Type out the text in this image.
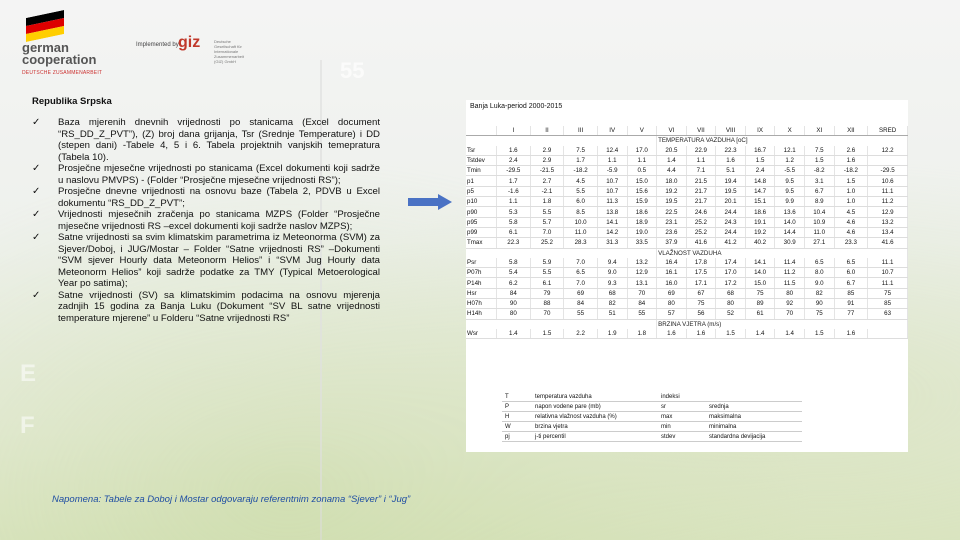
55
E
F
german
cooperation
DEUTSCHE ZUSAMMENARBEIT
Implemented by giz	Deutsche Gesellschaft für Internationale Zusammenarbeit (GIZ) GmbH
Republika Srpska
✓ Baza mjerenih dnevnih vrijednosti po stanicama (Excel document “RS_DD_Z_PVT”), (Z) broj dana grijanja, Tsr (Srednje Temperature) i DD (stepen dani) -Tabele 4, 5 i 6. Tabela projektnih vanjskih temepratura (Tabela 10).
✓ Prosječne mjesečne vrijednosti po stanicama (Excel dokumenti koji sadrže u naslovu PMVPS) - (Folder “Prosječne mjesečne vrijednosti RS”);
✓ Prosječne dnevne vrijednosti na osnovu baze (Tabela 2, PDVB u Excel dokumentu “RS_DD_Z_PVT”;
✓ Vrijednosti mjesečnih zračenja po stanicama MZPS (Folder “Prosječne mjesečne vrijednosti RS –excel dokumenti koji sadrže naslov MZPS);
✓ Satne vrijednosti sa svim klimatskim parametrima iz Meteonorma (SVM) za Sjever/Doboj, i JUG/Mostar – Folder “Satne vrijednosti RS” –Dokumenti “SVM sjever Hourly data Meteonorm Helios” i “SVM Jug Hourly data Meteonorm Helios” koji sadrže podatke za TMY (Typical Metoerological Year po satima);
✓ Satne vrijednosti (SV) sa klimatskimim podacima na osnovu mjerenja zadnjih 15 godina za Banja Luku (Dokument “SV BL satne vrijednosti temperature mjerene” u Folderu “Satne vrijednosti RS”
Banja Luka-period 2000-2015
	I	II	III	IV	V	VI	VII	VIII	IX	X	XI	XII	SRED
						TEMPERATURA VAZDUHA [oC]							
Tsr	1.6	2.9	7.5	12.4	17.0	20.5	22.9	22.3	16.7	12.1	7.5	2.6	12.2
Tstdev	2.4	2.9	1.7	1.1	1.1	1.4	1.1	1.6	1.5	1.2	1.5	1.6	
Tmin	-29.5	-21.5	-18.2	-5.9	0.5	4.4	7.1	5.1	2.4	-5.5	-8.2	-18.2	-29.5
p1	1.7	2.7	4.5	10.7	15.0	18.0	21.5	19.4	14.8	9.5	3.1	1.5	10.6
p5	-1.6	-2.1	5.5	10.7	15.6	19.2	21.7	19.5	14.7	9.5	6.7	1.0	11.1
p10	1.1	1.8	6.0	11.3	15.9	19.5	21.7	20.1	15.1	9.9	8.9	1.0	11.2
p90	5.3	5.5	8.5	13.8	18.6	22.5	24.6	24.4	18.6	13.6	10.4	4.5	12.9
p95	5.8	5.7	10.0	14.1	18.9	23.1	25.2	24.3	19.1	14.0	10.9	4.6	13.2
p99	6.1	7.0	11.0	14.2	19.0	23.6	25.2	24.4	19.2	14.4	11.0	4.6	13.4
Tmax	22.3	25.2	28.3	31.3	33.5	37.9	41.6	41.2	40.2	30.9	27.1	23.3	41.6
						VLAŽNOST VAZDUHA							
Psr	5.8	5.9	7.0	9.4	13.2	16.4	17.8	17.4	14.1	11.4	6.5	6.5	11.1
P07h	5.4	5.5	6.5	9.0	12.9	16.1	17.5	17.0	14.0	11.2	8.0	6.0	10.7
P14h	6.2	6.1	7.0	9.3	13.1	16.0	17.1	17.2	15.0	11.5	9.0	6.7	11.1
Hsr	84	79	69	68	70	69	67	68	75	80	82	85	75
H07h	90	88	84	82	84	80	75	80	89	92	90	91	85
H14h	80	70	55	51	55	57	56	52	61	70	75	77	63
						BRZINA VJETRA (m/s)							
Wsr	1.4	1.5	2.2	1.9	1.8	1.6	1.6	1.5	1.4	1.4	1.5	1.6	
T	temperatura vazduha	indeksi	
P	napon vodene pare (mb)	sr	srednja
H	relativna vlažnost vazduha (%)	max	maksimalna
W	brzina vjetra	min	minimalna
pj	j-ti percentil	stdev	standardna devijacija
Napomena: Tabele za Doboj i Mostar odgovaraju referentnim zonama “Sjever” i “Jug”
